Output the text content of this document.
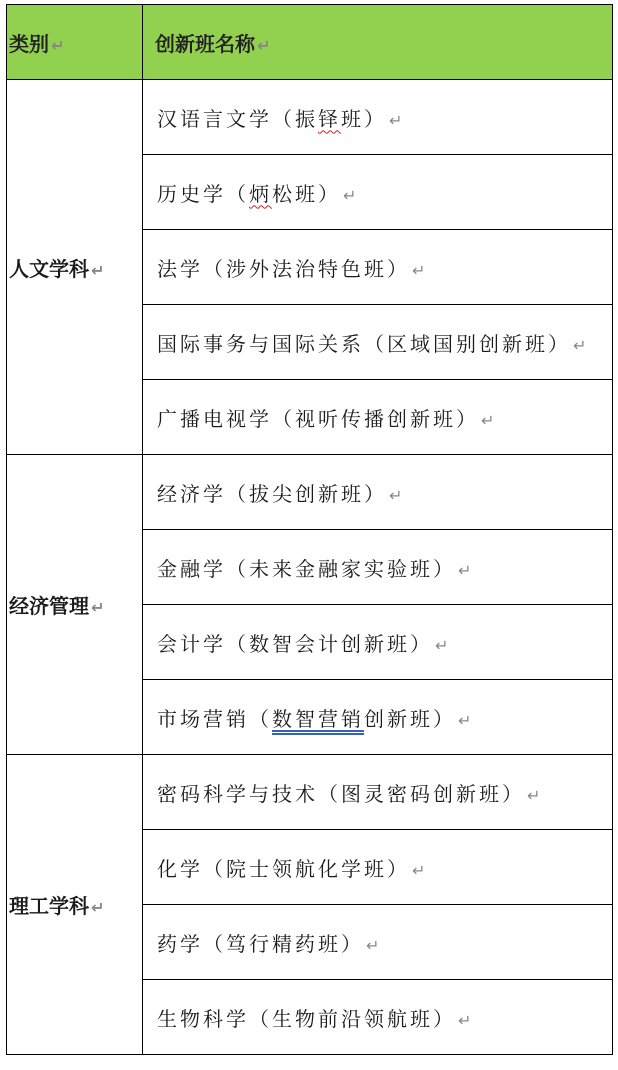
类别 ↵	创新班名称 ↵
人文学科 ↵	汉语言文学（振铎班） ↵
	历史学（炳松班） ↵
	法学（涉外法治特色班） ↵
	国际事务与国际关系（区域国别创新班） ↵
	广播电视学（视听传播创新班） ↵
经济管理 ↵	经济学（拔尖创新班） ↵
	金融学（未来金融家实验班） ↵
	会计学（数智会计创新班） ↵
	市场营销（数智营销创新班） ↵
理工学科 ↵	密码科学与技术（图灵密码创新班） ↵
	化学（院士领航化学班） ↵
	药学（笃行精药班） ↵
	生物科学（生物前沿领航班） ↵
